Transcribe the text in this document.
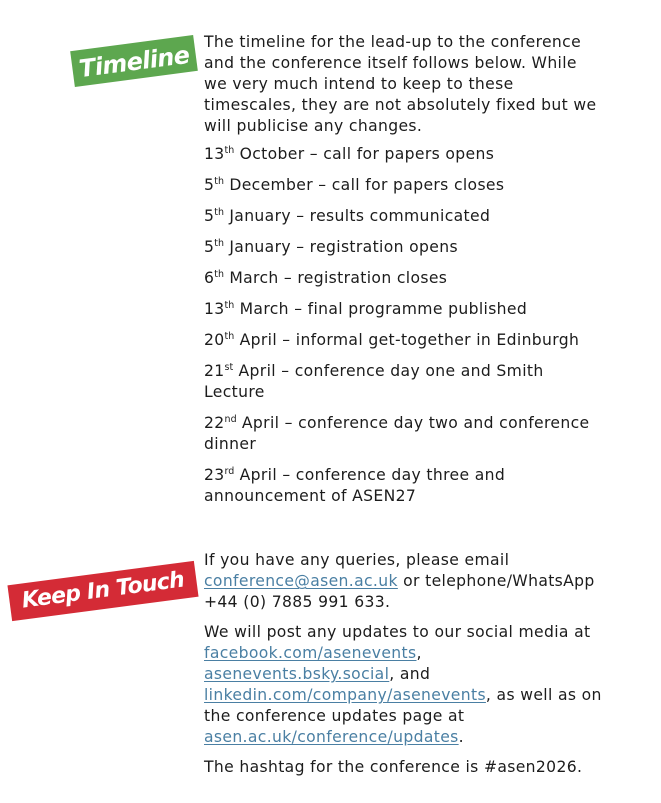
Timeline The timeline for the lead-up to the conference and the conference itself follows below. While we very much intend to keep to these timescales, they are not absolutely fixed but we will publicise any changes.

13th October – call for papers opens

5th December – call for papers closes

5th January – results communicated

5th January – registration opens

6th March – registration closes

13th March – final programme published

20th April – informal get-together in Edinburgh

21st April – conference day one and Smith Lecture

22nd April – conference day two and conference dinner

23rd April – conference day three and announcement of ASEN27

Keep In Touch

If you have any queries, please email
conference@asen.ac.uk or telephone/WhatsApp +44 (0) 7885 991 633.

We will post any updates to our social media at facebook.com/asenevents,
asenevents.bsky.social, and
linkedin.com/company/asenevents, as well as on the conference updates page at asen.ac.uk/conference/updates.

The hashtag for the conference is #asen2026.
